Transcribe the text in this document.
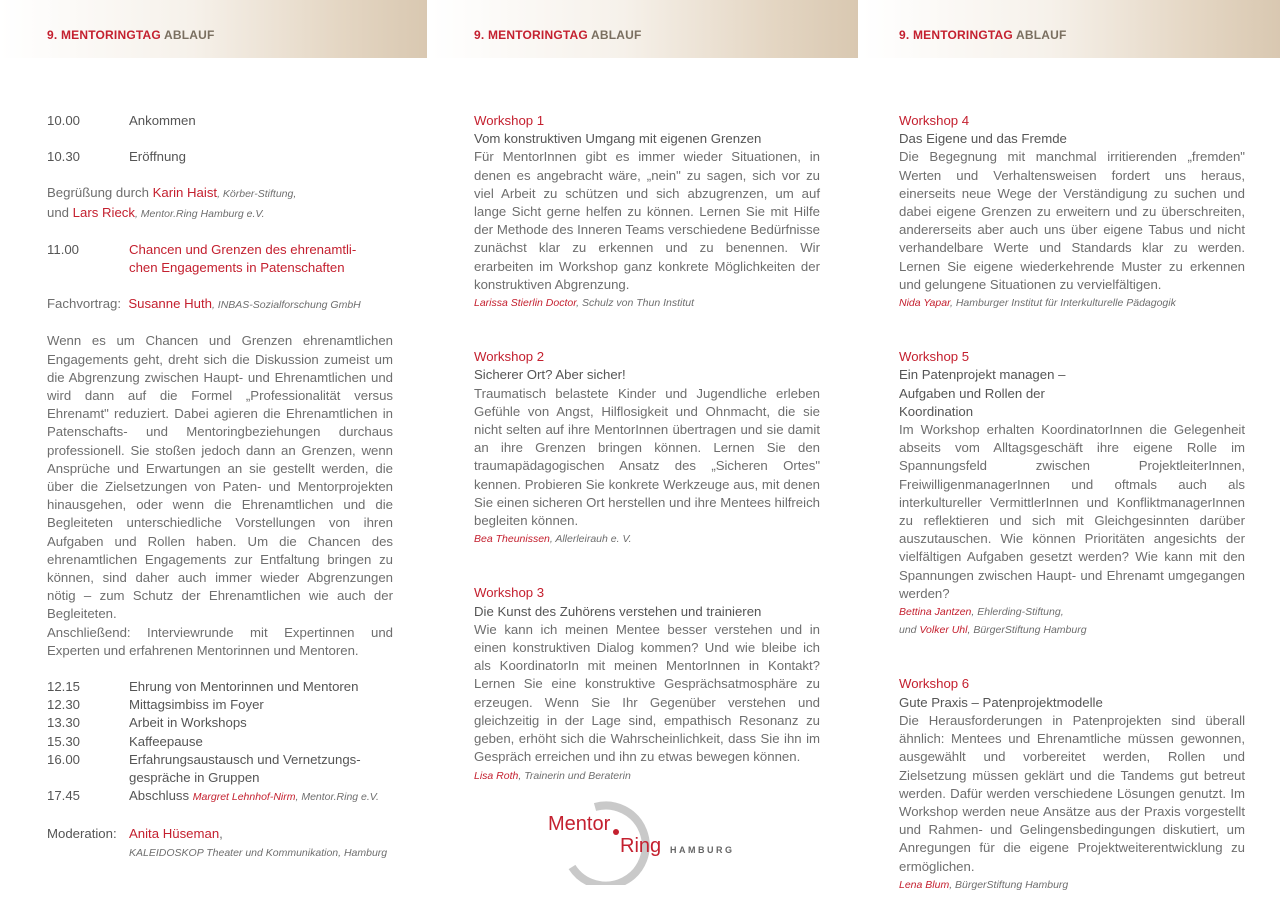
9. MENTORINGTAG ABLAUF	9. MENTORINGTAG ABLAUF	9. MENTORINGTAG ABLAUF
10.00	Ankommen
10.30	Eröffnung
Begrüßung durch Karin Haist, Körber-Stiftung,
und Lars Rieck, Mentor.Ring Hamburg e.V.
11.00	Chancen und Grenzen des ehrenamtli-chen Engagements in Patenschaften
Fachvortrag: Susanne Huth, INBAS-Sozialforschung GmbH
Wenn es um Chancen und Grenzen ehrenamtlichen Engagements geht, dreht sich die Diskussion zumeist um die Abgrenzung zwischen Haupt- und Ehrenamtlichen und wird dann auf die Formel „Professionalität versus Ehrenamt" reduziert. Dabei agieren die Ehrenamtlichen in Patenschafts- und Mentoringbeziehungen durchaus professionell. Sie stoßen jedoch dann an Grenzen, wenn Ansprüche und Erwartungen an sie gestellt werden, die über die Zielsetzungen von Paten- und Mentorprojekten hinausgehen, oder wenn die Ehrenamtlichen und die Begleiteten unterschiedliche Vorstellungen von ihren Aufgaben und Rollen haben. Um die Chancen des ehrenamtlichen Engagements zur Entfaltung bringen zu können, sind daher auch immer wieder Abgrenzungen nötig – zum Schutz der Ehrenamtlichen wie auch der Begleiteten.
Anschließend: Interviewrunde mit Expertinnen und Experten und erfahrenen Mentorinnen und Mentoren.
12.15	Ehrung von Mentorinnen und Mentoren
12.30	Mittagsimbiss im Foyer
13.30	Arbeit in Workshops
15.30	Kaffeepause
16.00	Erfahrungsaustausch und Vernetzungs-gespräche in Gruppen
17.45	Abschluss Margret Lehnhof-Nirm, Mentor.Ring e.V.
Moderation: Anita Hüseman,
KALEIDOSKOP Theater und Kommunikation, Hamburg
Workshop 1
Vom konstruktiven Umgang mit eigenen Grenzen
Für MentorInnen gibt es immer wieder Situationen, in denen es angebracht wäre, „nein" zu sagen, sich vor zu viel Arbeit zu schützen und sich abzugrenzen, um auf lange Sicht gerne helfen zu können. Lernen Sie mit Hilfe der Methode des Inneren Teams verschiedene Bedürfnisse zunächst klar zu erkennen und zu benennen. Wir erarbeiten im Workshop ganz konkrete Möglichkeiten der konstruktiven Abgrenzung.
Larissa Stierlin Doctor, Schulz von Thun Institut
Workshop 2
Sicherer Ort? Aber sicher!
Traumatisch belastete Kinder und Jugendliche erleben Gefühle von Angst, Hilflosigkeit und Ohnmacht, die sie nicht selten auf ihre MentorInnen übertragen und sie damit an ihre Grenzen bringen können. Lernen Sie den traumapädagogischen Ansatz des „Sicheren Ortes" kennen. Probieren Sie konkrete Werkzeuge aus, mit denen Sie einen sicheren Ort herstellen und ihre Mentees hilfreich begleiten können.
Bea Theunissen, Allerleirauh e. V.
Workshop 3
Die Kunst des Zuhörens verstehen und trainieren
Wie kann ich meinen Mentee besser verstehen und in einen konstruktiven Dialog kommen? Und wie bleibe ich als KoordinatorIn mit meinen MentorInnen in Kontakt? Lernen Sie eine konstruktive Gesprächsatmosphäre zu erzeugen. Wenn Sie Ihr Gegenüber verstehen und gleichzeitig in der Lage sind, empathisch Resonanz zu geben, erhöht sich die Wahrscheinlichkeit, dass Sie ihn im Gespräch erreichen und ihn zu etwas bewegen können.
Lisa Roth, Trainerin und Beraterin
Mentor
Ring HAMBURG
Workshop 4
Das Eigene und das Fremde
Die Begegnung mit manchmal irritierenden „fremden" Werten und Verhaltensweisen fordert uns heraus, einerseits neue Wege der Verständigung zu suchen und dabei eigene Grenzen zu erweitern und zu überschreiten, andererseits aber auch uns über eigene Tabus und nicht verhandelbare Werte und Standards klar zu werden. Lernen Sie eigene wiederkehrende Muster zu erkennen und gelungene Situationen zu vervielfältigen.
Nida Yapar, Hamburger Institut für Interkulturelle Pädagogik
Workshop 5
Ein Patenprojekt managen – Aufgaben und Rollen der Koordination
Im Workshop erhalten KoordinatorInnen die Gelegenheit abseits vom Alltagsgeschäft ihre eigene Rolle im Spannungsfeld zwischen ProjektleiterInnen, FreiwilligenmanagerInnen und oftmals auch als interkultureller VermittlerInnen und KonfliktmanagerInnen zu reflektieren und sich mit Gleichgesinnten darüber auszutauschen. Wie können Prioritäten angesichts der vielfältigen Aufgaben gesetzt werden? Wie kann mit den Spannungen zwischen Haupt- und Ehrenamt umgegangen werden?
Bettina Jantzen, Ehlerding-Stiftung,
und Volker Uhl, BürgerStiftung Hamburg
Workshop 6
Gute Praxis – Patenprojektmodelle
Die Herausforderungen in Patenprojekten sind überall ähnlich: Mentees und Ehrenamtliche müssen gewonnen, ausgewählt und vorbereitet werden, Rollen und Zielsetzung müssen geklärt und die Tandems gut betreut werden. Dafür werden verschiedene Lösungen genutzt. Im Workshop werden neue Ansätze aus der Praxis vorgestellt und Rahmen- und Gelingensbedingungen diskutiert, um Anregungen für die eigene Projektweiterentwicklung zu ermöglichen.
Lena Blum, BürgerStiftung Hamburg
